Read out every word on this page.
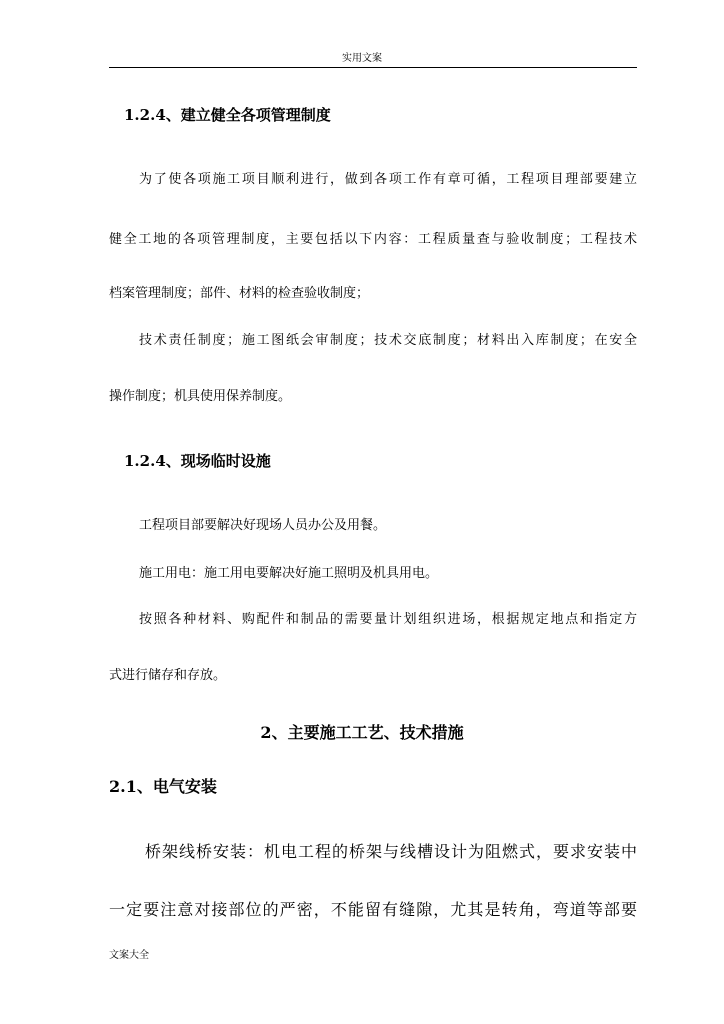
实用文案
1.2.4、建立健全各项管理制度
为了使各项施工项目顺利进行，做到各项工作有章可循，工程项目理部要建立
健全工地的各项管理制度，主要包括以下内容：工程质量查与验收制度；工程技术
档案管理制度；部件、材料的检查验收制度；
技术责任制度；施工图纸会审制度；技术交底制度；材料出入库制度；在安全
操作制度；机具使用保养制度。
1.2.4、现场临时设施
工程项目部要解决好现场人员办公及用餐。
施工用电：施工用电要解决好施工照明及机具用电。
按照各种材料、购配件和制品的需要量计划组织进场，根据规定地点和指定方
式进行储存和存放。
2、主要施工工艺、技术措施
2.1、电气安装
桥架线桥安装：机电工程的桥架与线槽设计为阻燃式，要求安装中
一定要注意对接部位的严密，不能留有缝隙，尤其是转角，弯道等部要
文案大全
